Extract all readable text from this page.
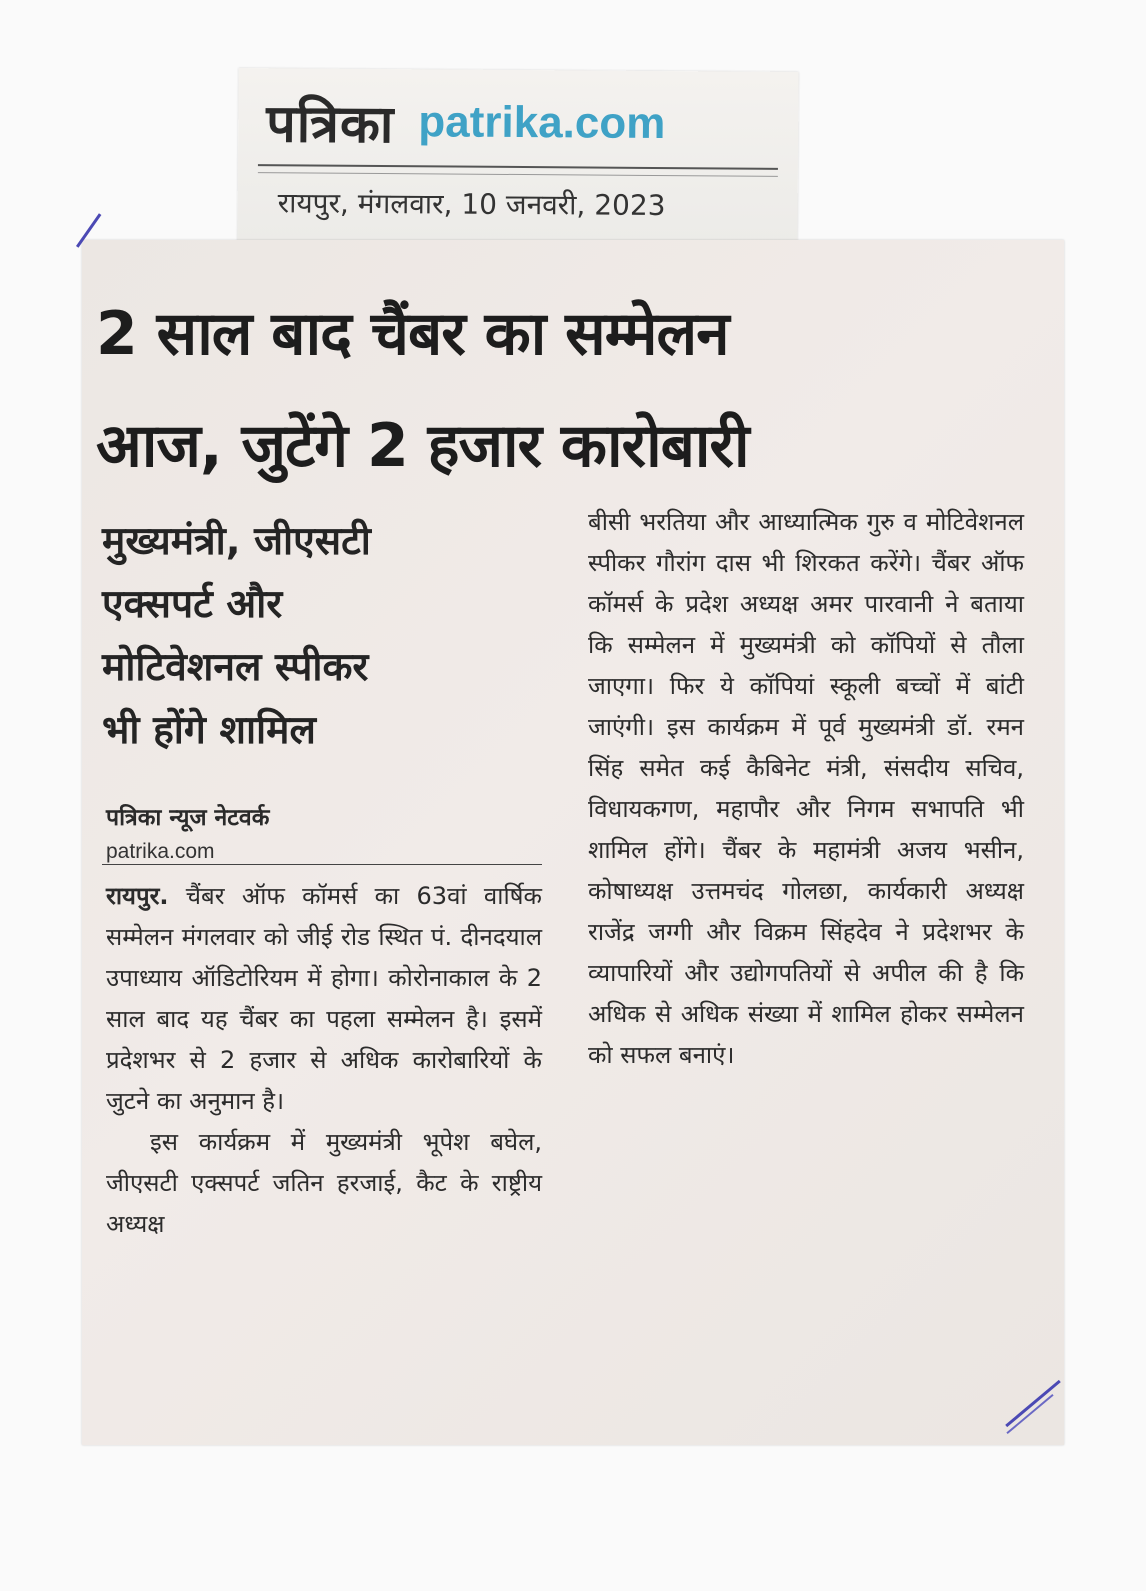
पत्रिका patrika.com
रायपुर, मंगलवार, 10 जनवरी, 2023
2 साल बाद चैंबर का सम्मेलन
आज, जुटेंगे 2 हजार कारोबारी
मुख्यमंत्री, जीएसटी
एक्सपर्ट और
मोटिवेशनल स्पीकर
भी होंगे शामिल
पत्रिका न्यूज नेटवर्क
patrika.com

रायपुर. चैंबर ऑफ कॉमर्स का 63वां वार्षिक सम्मेलन मंगलवार को जीई रोड स्थित पं. दीनदयाल उपाध्याय ऑडिटोरियम में होगा। कोरोनाकाल के 2 साल बाद यह चैंबर का पहला सम्मेलन है। इसमें प्रदेशभर से 2 हजार से अधिक कारोबारियों के जुटने का अनुमान है।

इस कार्यक्रम में मुख्यमंत्री भूपेश बघेल, जीएसटी एक्सपर्ट जतिन हरजाई, कैट के राष्ट्रीय अध्यक्ष

बीसी भरतिया और आध्यात्मिक गुरु व मोटिवेशनल स्पीकर गौरांग दास भी शिरकत करेंगे। चैंबर ऑफ कॉमर्स के प्रदेश अध्यक्ष अमर पारवानी ने बताया कि सम्मेलन में मुख्यमंत्री को कॉपियों से तौला जाएगा। फिर ये कॉपियां स्कूली बच्चों में बांटी जाएंगी। इस कार्यक्रम में पूर्व मुख्यमंत्री डॉ. रमन सिंह समेत कई कैबिनेट मंत्री, संसदीय सचिव, विधायकगण, महापौर और निगम सभापति भी शामिल होंगे। चैंबर के महामंत्री अजय भसीन, कोषाध्यक्ष उत्तमचंद गोलछा, कार्यकारी अध्यक्ष राजेंद्र जग्गी और विक्रम सिंहदेव ने प्रदेशभर के व्यापारियों और उद्योगपतियों से अपील की है कि अधिक से अधिक संख्या में शामिल होकर सम्मेलन को सफल बनाएं।
